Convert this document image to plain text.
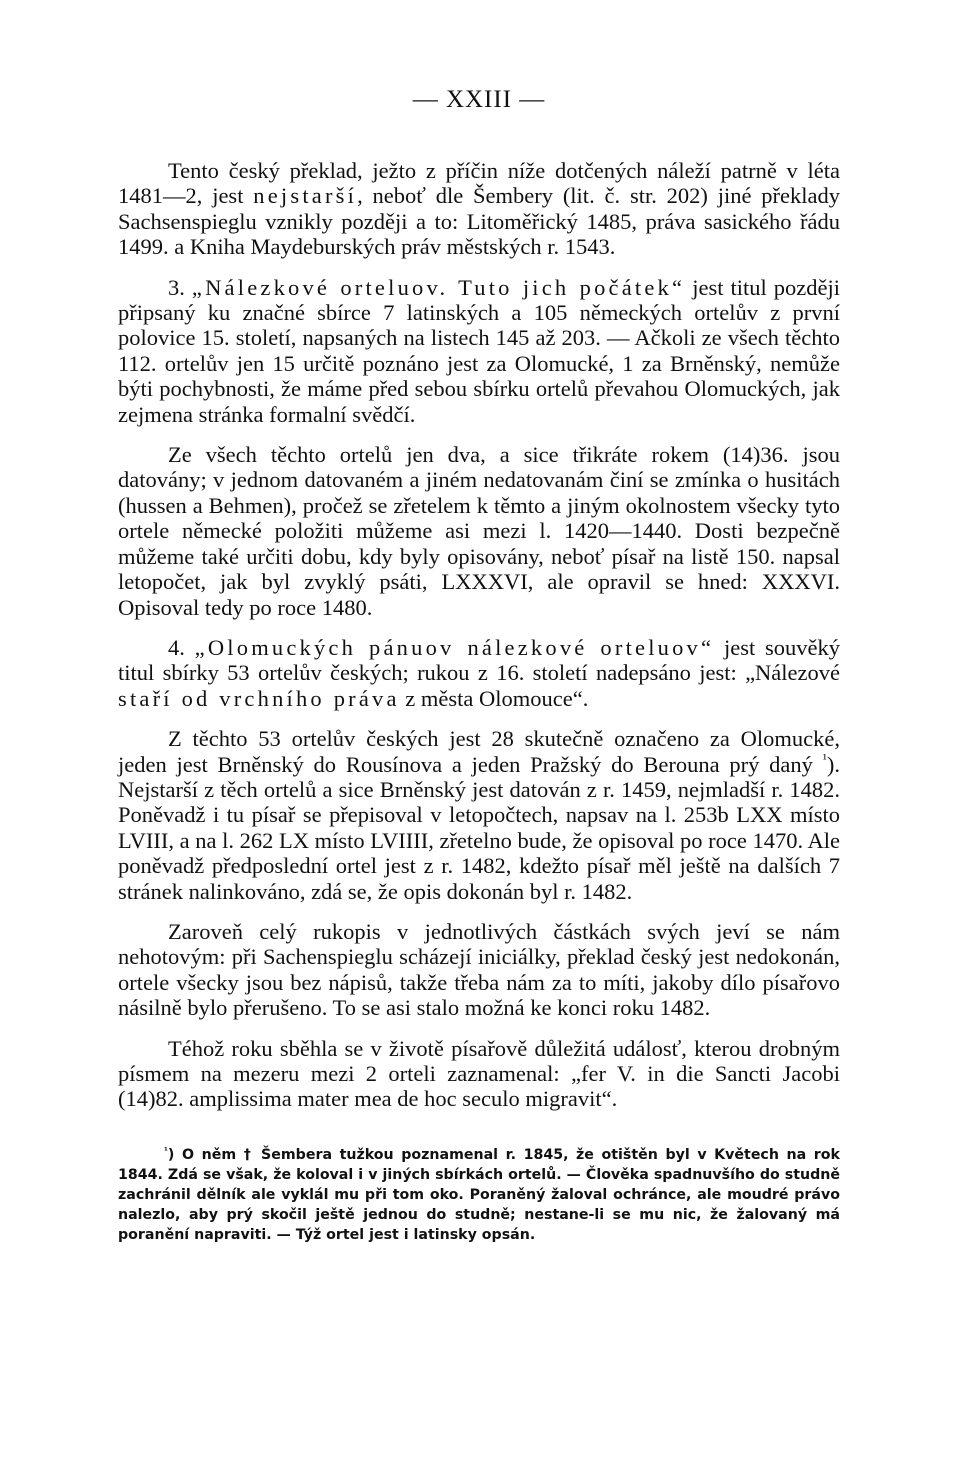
— XXIII —

Tento český překlad, ježto z příčin níže dotčených náleží patrně v léta 1481—2, jest nejstarší, neboť dle Šembery (lit. č. str. 202) jiné překlady Sachsenspieglu vznikly později a to: Litoměřický 1485, práva sasického řádu 1499. a Kniha Maydeburských práv městských r. 1543.

3. „Nálezkové orteluov. Tuto jich počátek“ jest titul později připsaný ku značné sbírce 7 latinských a 105 německých ortelův z první polovice 15. století, napsaných na listech 145 až 203. — Ačkoli ze všech těchto 112. ortelův jen 15 určitě poznáno jest za Olomucké, 1 za Brněnský, nemůže býti pochybnosti, že máme před sebou sbírku ortelů převahou Olomuckých, jak zejmena stránka formalní svědčí.

Ze všech těchto ortelů jen dva, a sice třikráte rokem (14)36. jsou datovány; v jednom datovaném a jiném nedatovanám činí se zmínka o husitách (hussen a Behmen), pročež se zřetelem k těmto a jiným okolnostem všecky tyto ortele německé položiti můžeme asi mezi l. 1420—1440. Dosti bezpečně můžeme také určiti dobu, kdy byly opisovány, neboť písař na listě 150. napsal letopočet, jak byl zvyklý psáti, LXXXVI, ale opravil se hned: XXXVI. Opisoval tedy po roce 1480.

4. „Olomuckých pánuov nálezkové orteluov“ jest souvěký titul sbírky 53 ortelův českých; rukou z 16. století nadepsáno jest: „Nálezové staří od vrchního práva z města Olomouce“.

Z těchto 53 ortelův českých jest 28 skutečně označeno za Olomucké, jeden jest Brněnský do Rousínova a jeden Pražský do Berouna prý daný $^{^1}$). Nejstarší z těch ortelů a sice Brněnský jest datován z r. 1459, nejmladší r. 1482. Poněvadž i tu písař se přepisoval v letopočtech, napsav na l. 253b LXX místo LVIII, a na l. 262 LX místo LVIIII, zřetelno bude, že opisoval po roce 1470. Ale poněvadž předposlední ortel jest z r. 1482, kdežto písař měl ještě na dalších 7 stránek nalinkováno, zdá se, že opis dokonán byl r. 1482.

Zaroveň celý rukopis v jednotlivých částkách svých jeví se nám nehotovým: při Sachenspieglu scházejí iniciálky, překlad český jest nedokonán, ortele všecky jsou bez nápisů, takže třeba nám za to míti, jakoby dílo písařovo násilně bylo přerušeno. To se asi stalo možná ke konci roku 1482.

Téhož roku sběhla se v životě písařově důležitá událosť, kterou drobným písmem na mezeru mezi 2 orteli zaznamenal: „fer V. in die Sancti Jacobi (14)82. amplissima mater mea de hoc seculo migravit“.

$^{^1}$) O něm † Šembera tužkou poznamenal r. 1845, že otištěn byl v Květech na rok 1844. Zdá se však, že koloval i v jiných sbírkách ortelů. — Člověka spadnuvšího do studně zachránil dělník ale vyklál mu při tom oko. Poraněný žaloval ochránce, ale moudré právo nalezlo, aby prý skočil ještě jednou do studně; nestane-li se mu nic, že žalovaný má poranění napraviti. — Týž ortel jest i latinsky opsán.
